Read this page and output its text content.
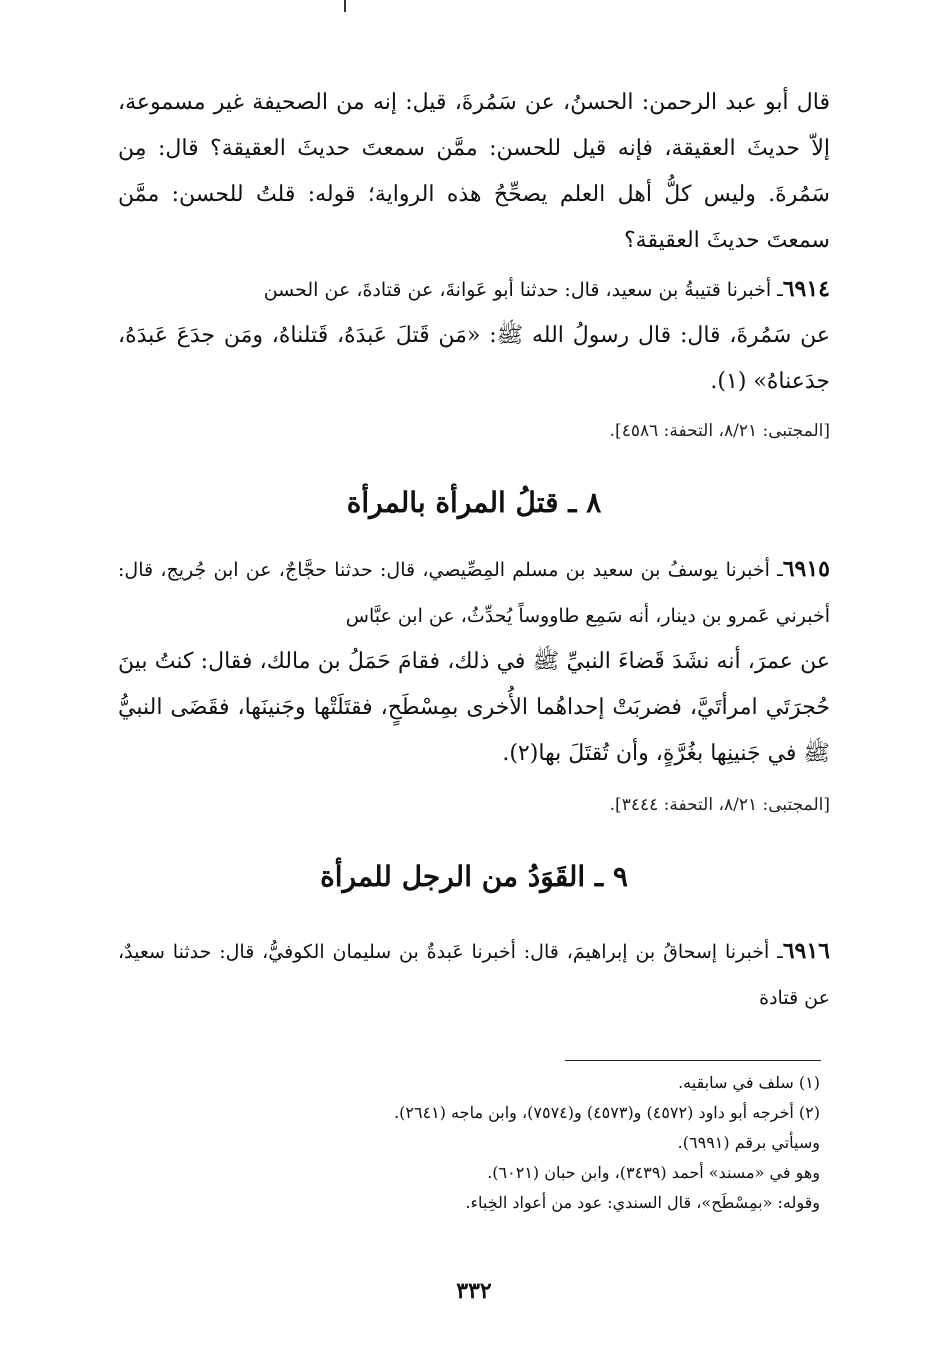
قال أبو عبد الرحمن: الحسنُ، عن سَمُرةَ، قيل: إنه من الصحيفة غير مسموعة، إلاّ حديثَ العقيقة، فإنه قيل للحسن: ممَّن سمعتَ حديثَ العقيقة؟ قال: مِن سَمُرةَ. وليس كلُّ أهل العلم يصحِّحُ هذه الرواية؛ قوله: قلتُ للحسن: ممَّن سمعتَ حديثَ العقيقة؟

٦٩١٤ـ أخبرنا قتيبةُ بن سعيد، قال: حدثنا أبو عَوانةَ، عن قتادةَ، عن الحسن
عن سَمُرةَ، قال: قال رسولُ الله ﷺ: «مَن قَتلَ عَبدَهُ، قَتلناهُ، ومَن جدَعَ عَبدَهُ، جدَعناهُ» (١).
[المجتبى: ٨/٢١، التحفة: ٤٥٨٦].
٨ ـ قتلُ المرأة بالمرأة
٦٩١٥ـ أخبرنا يوسفُ بن سعيد بن مسلم المِصِّيصي، قال: حدثنا حجَّاجٌ، عن ابن جُريج، قال: أخبرني عَمرو بن دينار، أنه سَمِع طاووساً يُحدِّثُ، عن ابن عبَّاس
عن عمرَ، أنه نشَدَ قَضاءَ النبيِّ ﷺ في ذلك، فقامَ حَمَلُ بن مالك، فقال: كنتُ بينَ حُجرَتَي امرأتَيَّ، فضربَتْ إحداهُما الأُخرى بمِسْطَحٍ، فقتَلَتْها وجَنينَها، فقَضَى النبيُّ ﷺ في جَنينِها بغُرَّةٍ، وأن تُقتَلَ بها(٢).
[المجتبى: ٨/٢١، التحفة: ٣٤٤٤].
٩ ـ القَوَدُ من الرجل للمرأة
٦٩١٦ـ أخبرنا إسحاقُ بن إبراهيمَ، قال: أخبرنا عَبدةُ بن سليمان الكوفيُّ، قال: حدثنا سعيدٌ، عن قتادة
(١) سلف في سابقيه.
(٢) أخرجه أبو داود (٤٥٧٢) و(٤٥٧٣) و(٧٥٧٤)، وابن ماجه (٢٦٤١).
وسيأتي برقم (٦٩٩١).
وهو في «مسند» أحمد (٣٤٣٩)، وابن حبان (٦٠٢١).
وقوله: «بمِسْطَح»، قال السندي: عود من أعواد الخِباء.
٣٣٢
